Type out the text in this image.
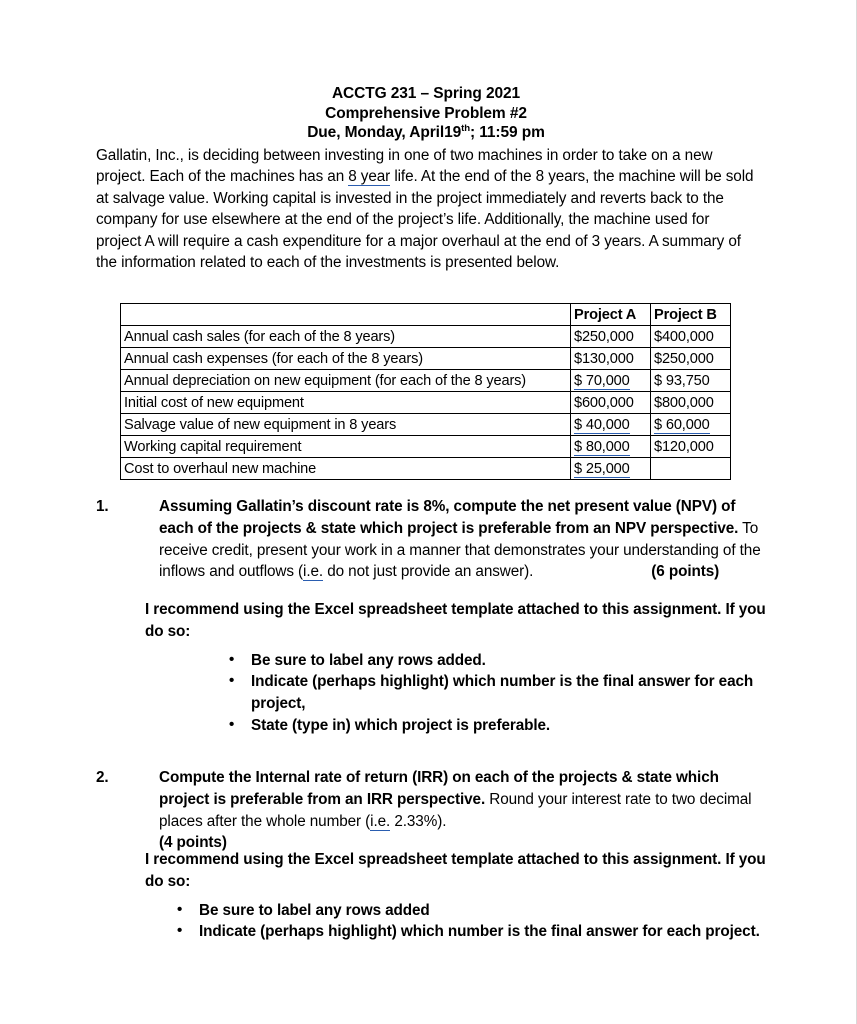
ACCTG 231 – Spring 2021
Comprehensive Problem #2
Due, Monday, April19th; 11:59 pm

Gallatin, Inc., is deciding between investing in one of two machines in order to take on a new project. Each of the machines has an 8 year life. At the end of the 8 years, the machine will be sold at salvage value. Working capital is invested in the project immediately and reverts back to the company for use elsewhere at the end of the project’s life. Additionally, the machine used for project A will require a cash expenditure for a major overhaul at the end of 3 years. A summary of the information related to each of the investments is presented below.

	Project A	Project B
Annual cash sales (for each of the 8 years)	$250,000	$400,000
Annual cash expenses (for each of the 8 years)	$130,000	$250,000
Annual depreciation on new equipment (for each of the 8 years)	$ 70,000	$ 93,750
Initial cost of new equipment	$600,000	$800,000
Salvage value of new equipment in 8 years	$ 40,000	$ 60,000
Working capital requirement	$ 80,000	$120,000
Cost to overhaul new machine	$ 25,000	
1.	Assuming Gallatin’s discount rate is 8%, compute the net present value (NPV) of each of the projects & state which project is preferable from an NPV perspective. To receive credit, present your work in a manner that demonstrates your understanding of the inflows and outflows (i.e. do not just provide an answer).	(6 points)
I recommend using the Excel spreadsheet template attached to this assignment. If you do so:
• Be sure to label any rows added.
• Indicate (perhaps highlight) which number is the final answer for each project,
• State (type in) which project is preferable.
2.	Compute the Internal rate of return (IRR) on each of the projects & state which project is preferable from an IRR perspective. Round your interest rate to two decimal places after the whole number (i.e. 2.33%).(4 points)
I recommend using the Excel spreadsheet template attached to this assignment. If you do so:
• Be sure to label any rows added
• Indicate (perhaps highlight) which number is the final answer for each project.
